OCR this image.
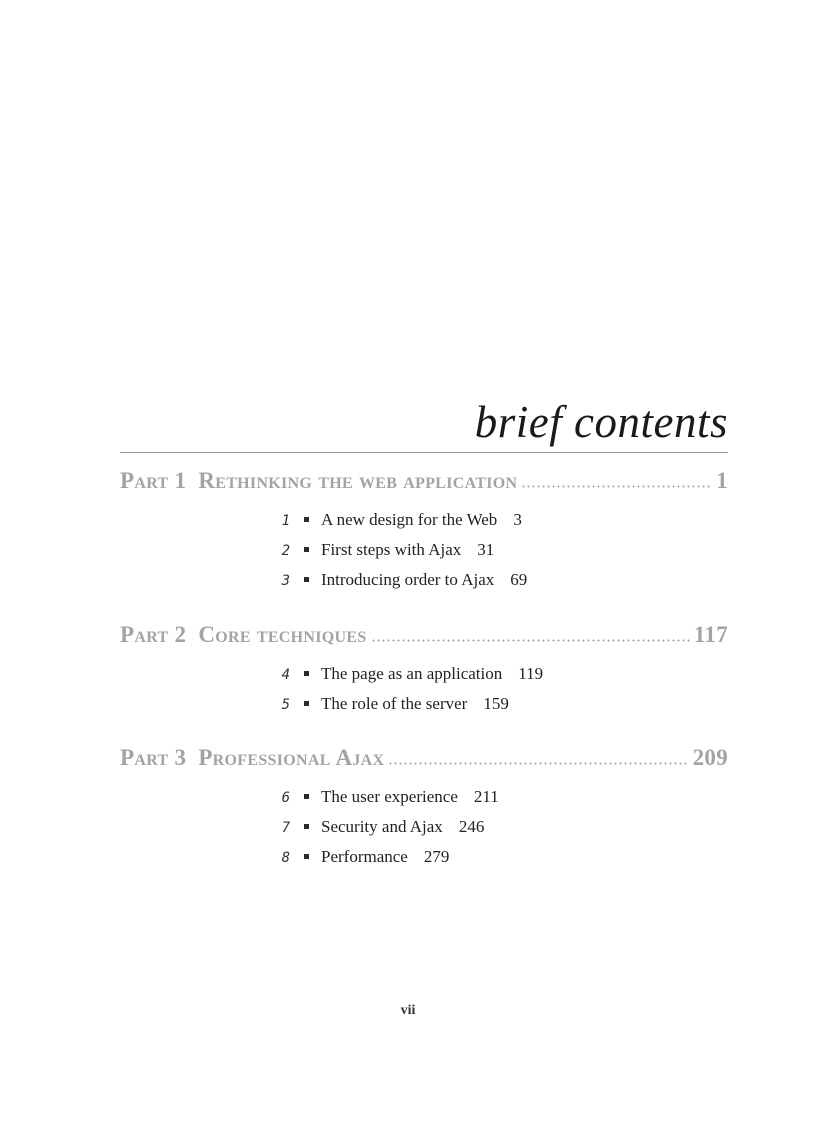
brief contents
Part 1 Rethinking the web application	1
1 A new design for the Web 3
2 First steps with Ajax 31
3 Introducing order to Ajax 69
Part 2 Core techniques	117
4 The page as an application 119
5 The role of the server 159
Part 3 Professional Ajax	209
6 The user experience 211
7 Security and Ajax 246
8 Performance 279
vii
